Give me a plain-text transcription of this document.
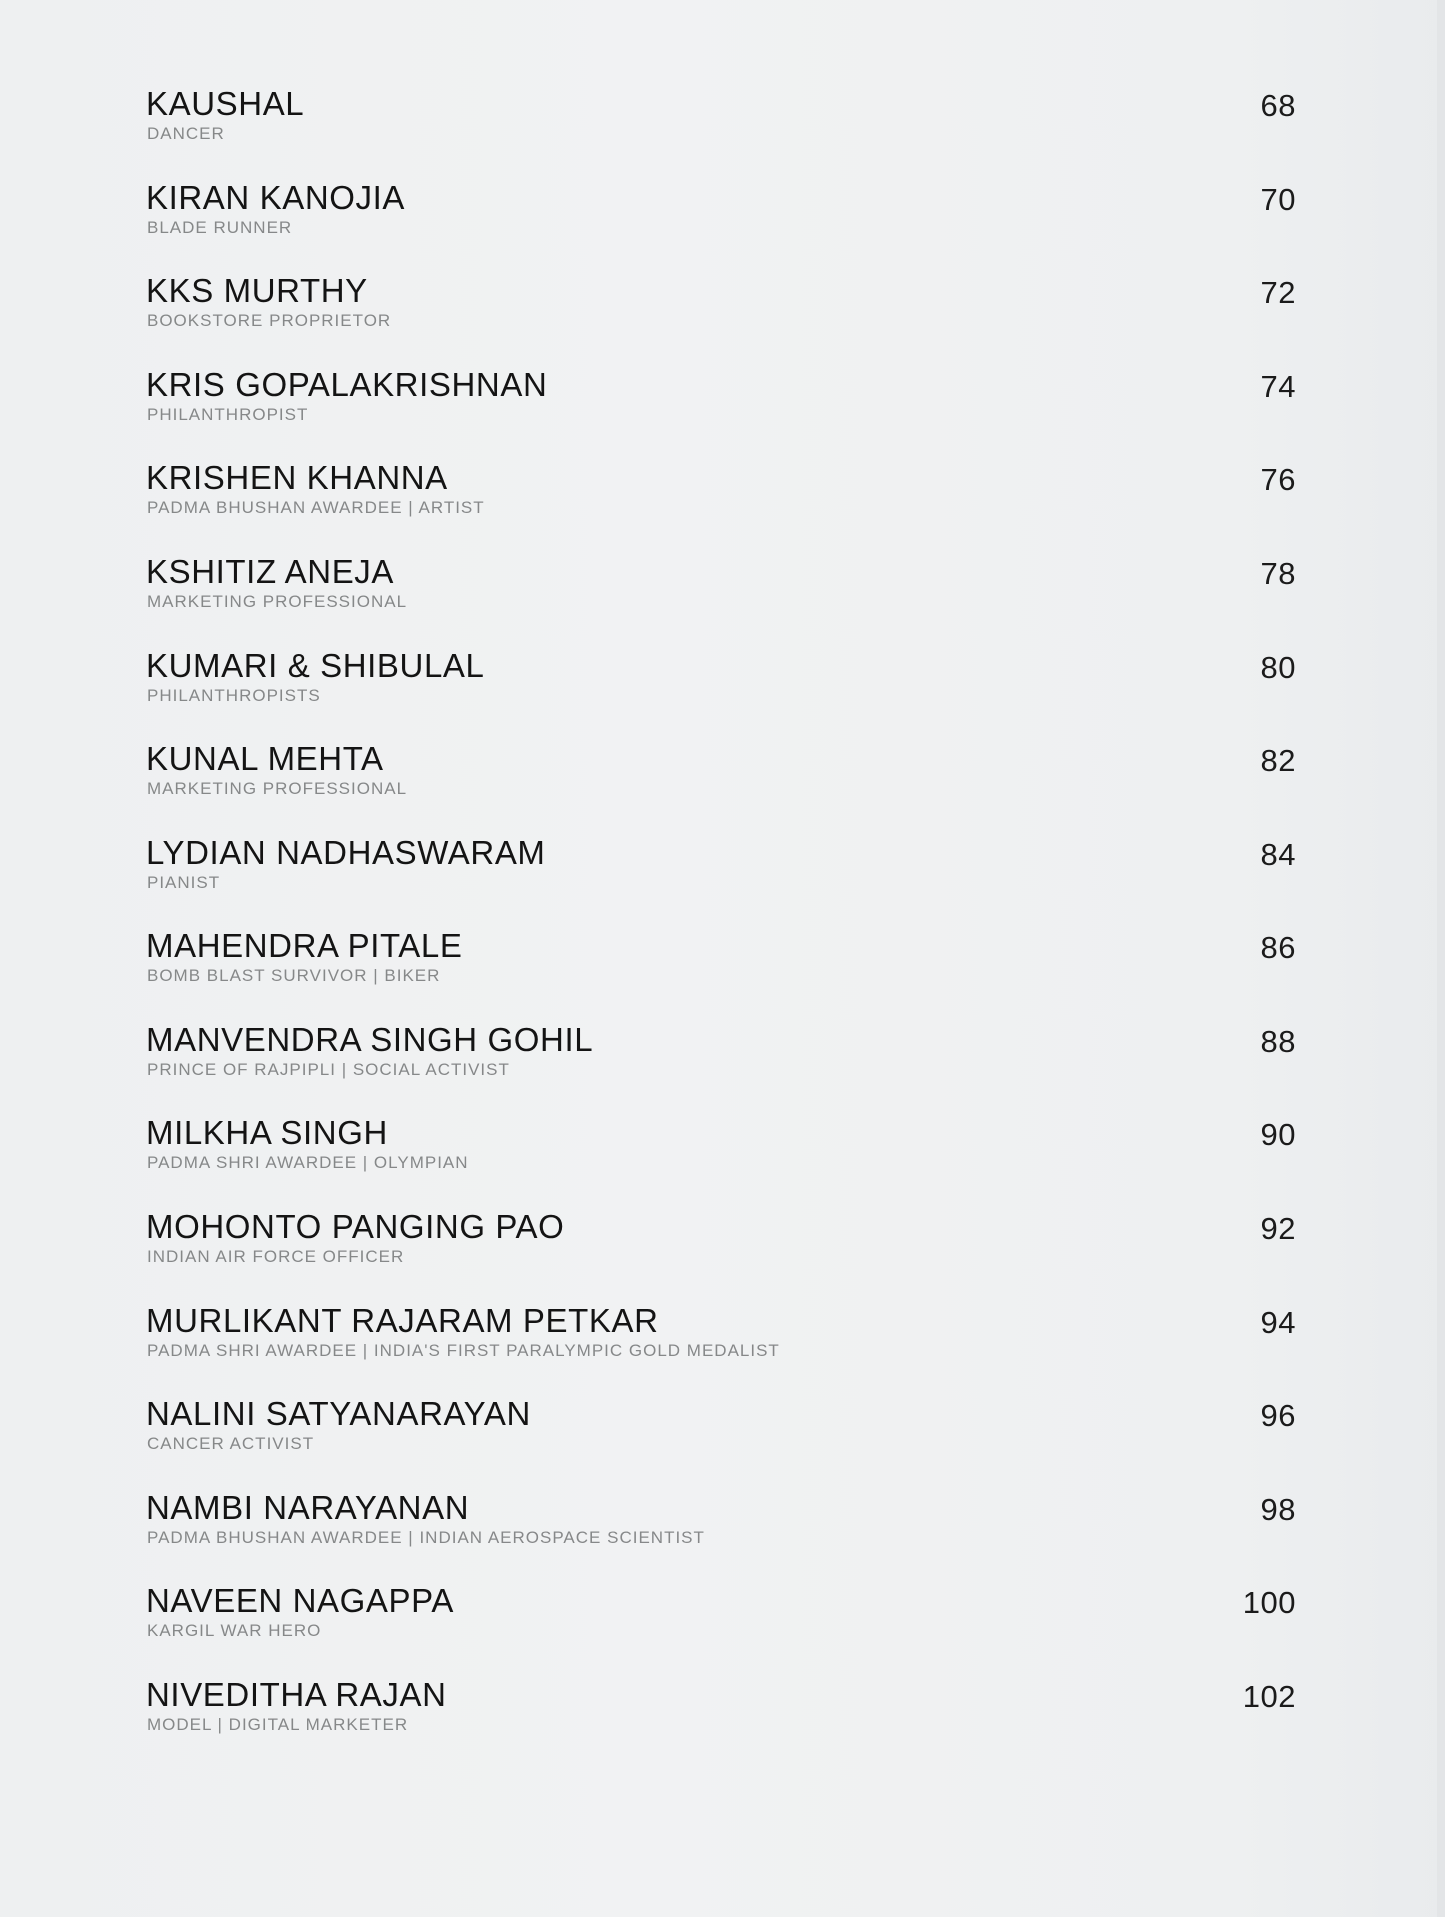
KAUSHAL
DANCER
68
KIRAN KANOJIA
BLADE RUNNER
70
KKS MURTHY
BOOKSTORE PROPRIETOR
72
KRIS GOPALAKRISHNAN
PHILANTHROPIST
74
KRISHEN KHANNA
PADMA BHUSHAN AWARDEE | ARTIST
76
KSHITIZ ANEJA
MARKETING PROFESSIONAL
78
KUMARI & SHIBULAL
PHILANTHROPISTS
80
KUNAL MEHTA
MARKETING PROFESSIONAL
82
LYDIAN NADHASWARAM
PIANIST
84
MAHENDRA PITALE
BOMB BLAST SURVIVOR | BIKER
86
MANVENDRA SINGH GOHIL
PRINCE OF RAJPIPLI | SOCIAL ACTIVIST
88
MILKHA SINGH
PADMA SHRI AWARDEE | OLYMPIAN
90
MOHONTO PANGING PAO
INDIAN AIR FORCE OFFICER
92
MURLIKANT RAJARAM PETKAR
PADMA SHRI AWARDEE | INDIA'S FIRST PARALYMPIC GOLD MEDALIST
94
NALINI SATYANARAYAN
CANCER ACTIVIST
96
NAMBI NARAYANAN
PADMA BHUSHAN AWARDEE | INDIAN AEROSPACE SCIENTIST
98
NAVEEN NAGAPPA
KARGIL WAR HERO
100
NIVEDITHA RAJAN
MODEL | DIGITAL MARKETER
102
